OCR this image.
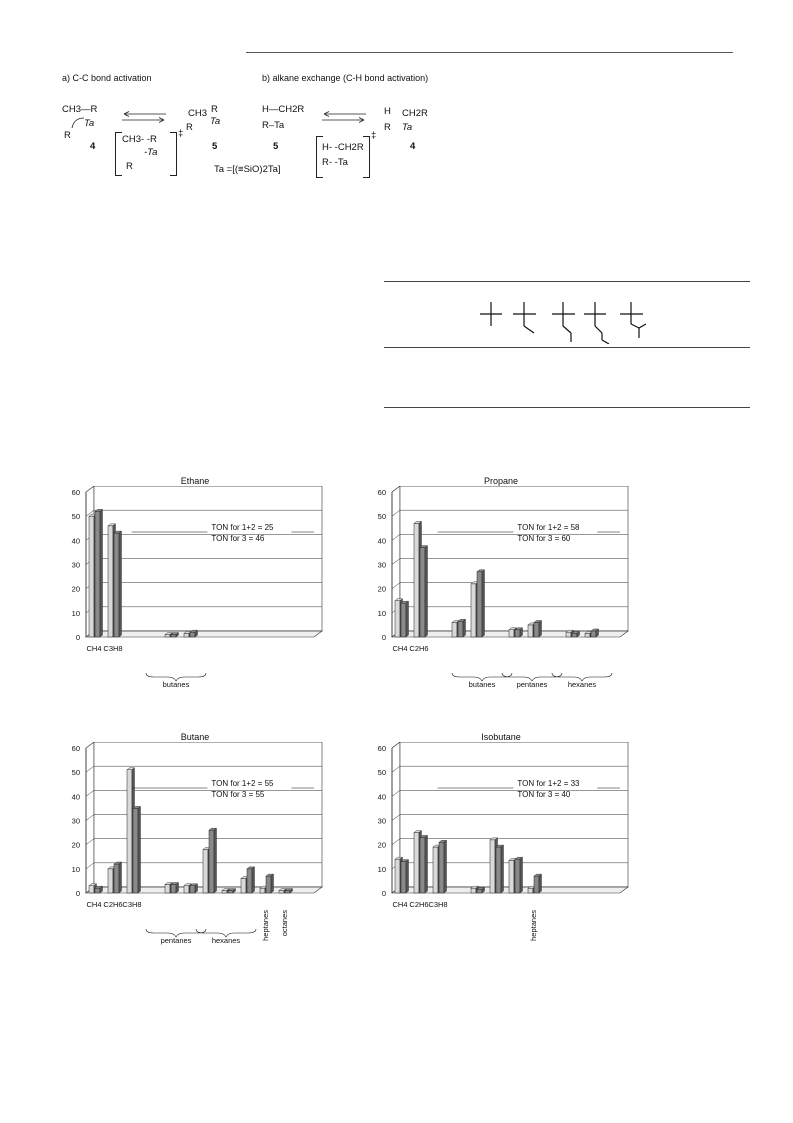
a) C-C bond activation	b) alkane exchange (C-H bond activation)
CH3—R
Ta
R
4
CH3- -R
-Ta
R
‡
CH3 R
Ta
R
5
Ta =[(≡SiO)2Ta]
H—CH2R
R–Ta
5	H- -CH2R
R- -Ta
‡
H CH2R
R Ta
4
Ethane
0
10
20
30
40
50
60
CH4 C3H8
TON for 1+2 = 25
TON for 3 = 46
butanes
Propane
0
10
20
30
40
50
60
CH4 C2H6
TON for 1+2 = 58
TON for 3 = 60
butanes	pentanes	hexanes
Butane
0
10
20
30
40
50
60
CH4 C2H6 C3H8
heptanes octanes
TON for 1+2 = 55
TON for 3 = 55
pentanes	hexanes
Isobutane
0
10
20
30
40
50
60
CH4 C2H6 C3H8
heptanes
TON for 1+2 = 33
TON for 3 = 40
